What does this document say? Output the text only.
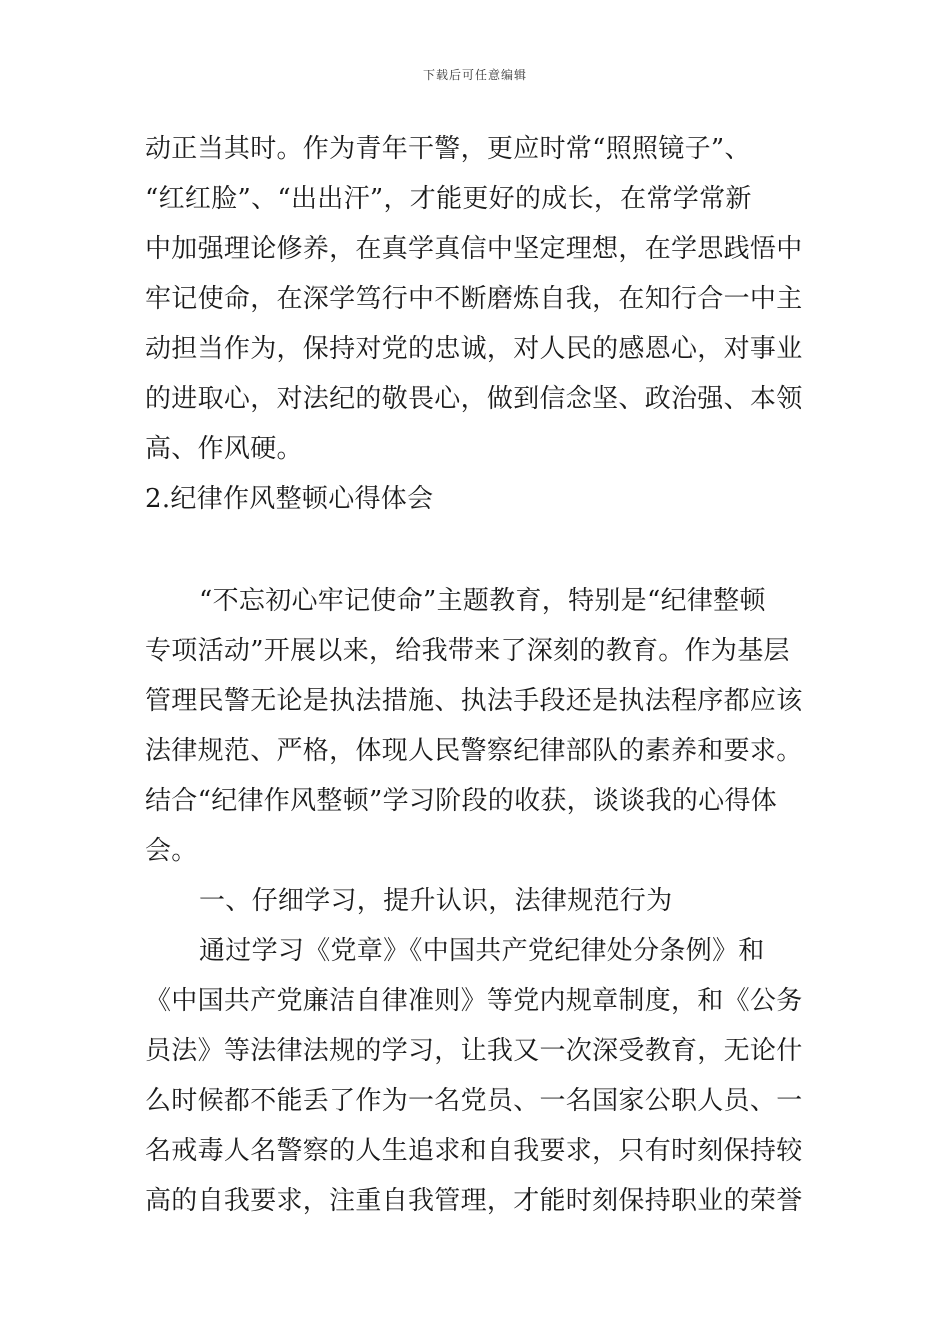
下载后可任意编辑
动正当其时。作为青年干警，更应时常“照照镜子”、
“红红脸”、“出出汗”，才能更好的成长，在常学常新
中加强理论修养，在真学真信中坚定理想，在学思践悟中
牢记使命，在深学笃行中不断磨炼自我，在知行合一中主
动担当作为，保持对党的忠诚，对人民的感恩心，对事业
的进取心，对法纪的敬畏心，做到信念坚、政治强、本领
高、作风硬。
2.纪律作风整顿心得体会
“不忘初心牢记使命”主题教育，特别是“纪律整顿
专项活动”开展以来，给我带来了深刻的教育。作为基层
管理民警无论是执法措施、执法手段还是执法程序都应该
法律规范、严格，体现人民警察纪律部队的素养和要求。
结合“纪律作风整顿”学习阶段的收获，谈谈我的心得体
会。
一、仔细学习，提升认识，法律规范行为
通过学习《党章》《中国共产党纪律处分条例》和
《中国共产党廉洁自律准则》等党内规章制度，和《公务
员法》等法律法规的学习，让我又一次深受教育，无论什
么时候都不能丢了作为一名党员、一名国家公职人员、一
名戒毒人名警察的人生追求和自我要求，只有时刻保持较
高的自我要求，注重自我管理，才能时刻保持职业的荣誉
